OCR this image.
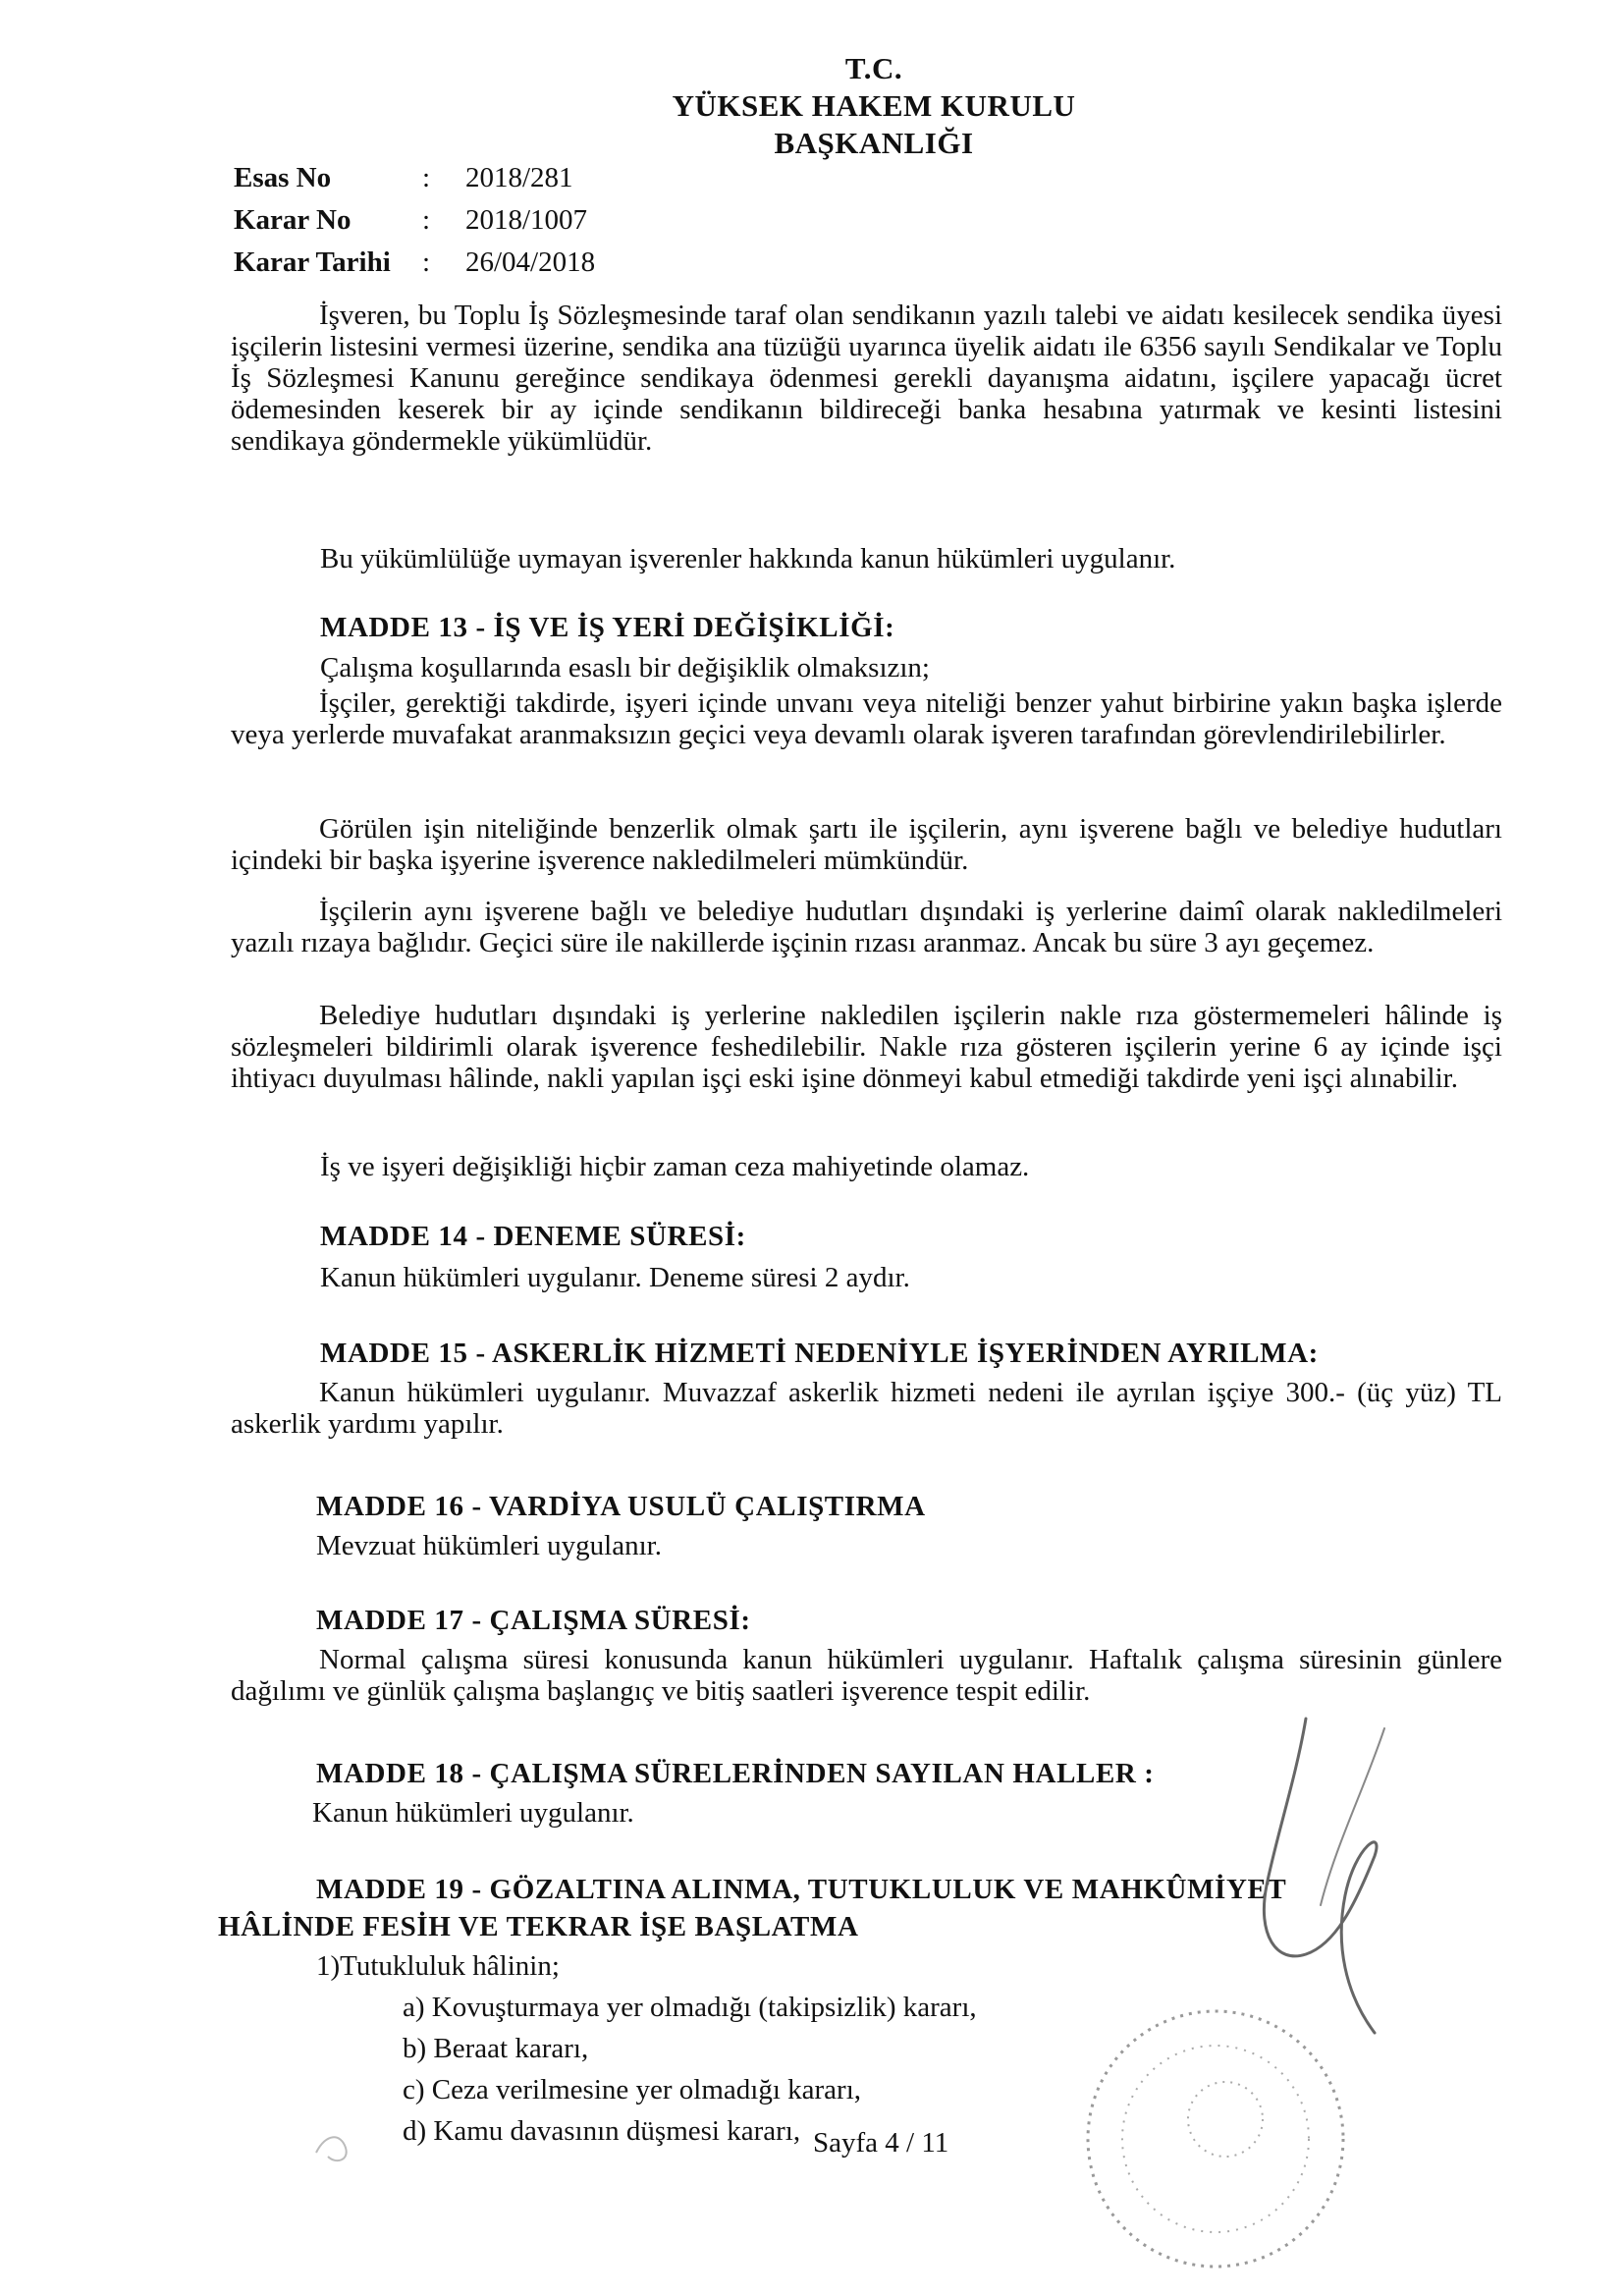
T.C.
YÜKSEK HAKEM KURULU
BAŞKANLIĞI
Esas No	:	2018/281
Karar No	:	2018/1007
Karar Tarihi	:	26/04/2018
İşveren, bu Toplu İş Sözleşmesinde taraf olan sendikanın yazılı talebi ve aidatı kesilecek sendika üyesi işçilerin listesini vermesi üzerine, sendika ana tüzüğü uyarınca üyelik aidatı ile 6356 sayılı Sendikalar ve Toplu İş Sözleşmesi Kanunu gereğince sendikaya ödenmesi gerekli dayanışma aidatını, işçilere yapacağı ücret ödemesinden keserek bir ay içinde sendikanın bildireceği banka hesabına yatırmak ve kesinti listesini sendikaya göndermekle yükümlüdür.
Bu yükümlülüğe uymayan işverenler hakkında kanun hükümleri uygulanır.
MADDE 13 - İŞ VE İŞ YERİ DEĞİŞİKLİĞİ:
Çalışma koşullarında esaslı bir değişiklik olmaksızın;
İşçiler, gerektiği takdirde, işyeri içinde unvanı veya niteliği benzer yahut birbirine yakın başka işlerde veya yerlerde muvafakat aranmaksızın geçici veya devamlı olarak işveren tarafından görevlendirilebilirler.
Görülen işin niteliğinde benzerlik olmak şartı ile işçilerin, aynı işverene bağlı ve belediye hudutları içindeki bir başka işyerine işverence nakledilmeleri mümkündür.
İşçilerin aynı işverene bağlı ve belediye hudutları dışındaki iş yerlerine daimî olarak nakledilmeleri yazılı rızaya bağlıdır. Geçici süre ile nakillerde işçinin rızası aranmaz. Ancak bu süre 3 ayı geçemez.
Belediye hudutları dışındaki iş yerlerine nakledilen işçilerin nakle rıza göstermemeleri hâlinde iş sözleşmeleri bildirimli olarak işverence feshedilebilir. Nakle rıza gösteren işçilerin yerine 6 ay içinde işçi ihtiyacı duyulması hâlinde, nakli yapılan işçi eski işine dönmeyi kabul etmediği takdirde yeni işçi alınabilir.
İş ve işyeri değişikliği hiçbir zaman ceza mahiyetinde olamaz.
MADDE 14 - DENEME SÜRESİ:
Kanun hükümleri uygulanır. Deneme süresi 2 aydır.
MADDE 15 - ASKERLİK HİZMETİ NEDENİYLE İŞYERİNDEN AYRILMA:
Kanun hükümleri uygulanır. Muvazzaf askerlik hizmeti nedeni ile ayrılan işçiye 300.- (üç yüz) TL askerlik yardımı yapılır.
MADDE 16 - VARDİYA USULÜ ÇALIŞTIRMA
Mevzuat hükümleri uygulanır.
MADDE 17 - ÇALIŞMA SÜRESİ:
Normal çalışma süresi konusunda kanun hükümleri uygulanır. Haftalık çalışma süresinin günlere dağılımı ve günlük çalışma başlangıç ve bitiş saatleri işverence tespit edilir.
MADDE 18 - ÇALIŞMA SÜRELERİNDEN SAYILAN HALLER :
Kanun hükümleri uygulanır.
MADDE 19 - GÖZALTINA ALINMA, TUTUKLULUK VE MAHKÛMİYET
HÂLİNDE FESİH VE TEKRAR İŞE BAŞLATMA
1)Tutukluluk hâlinin;
a) Kovuşturmaya yer olmadığı (takipsizlik) kararı,
b) Beraat kararı,
c) Ceza verilmesine yer olmadığı kararı,
d) Kamu davasının düşmesi kararı, Sayfa 4 / 11
